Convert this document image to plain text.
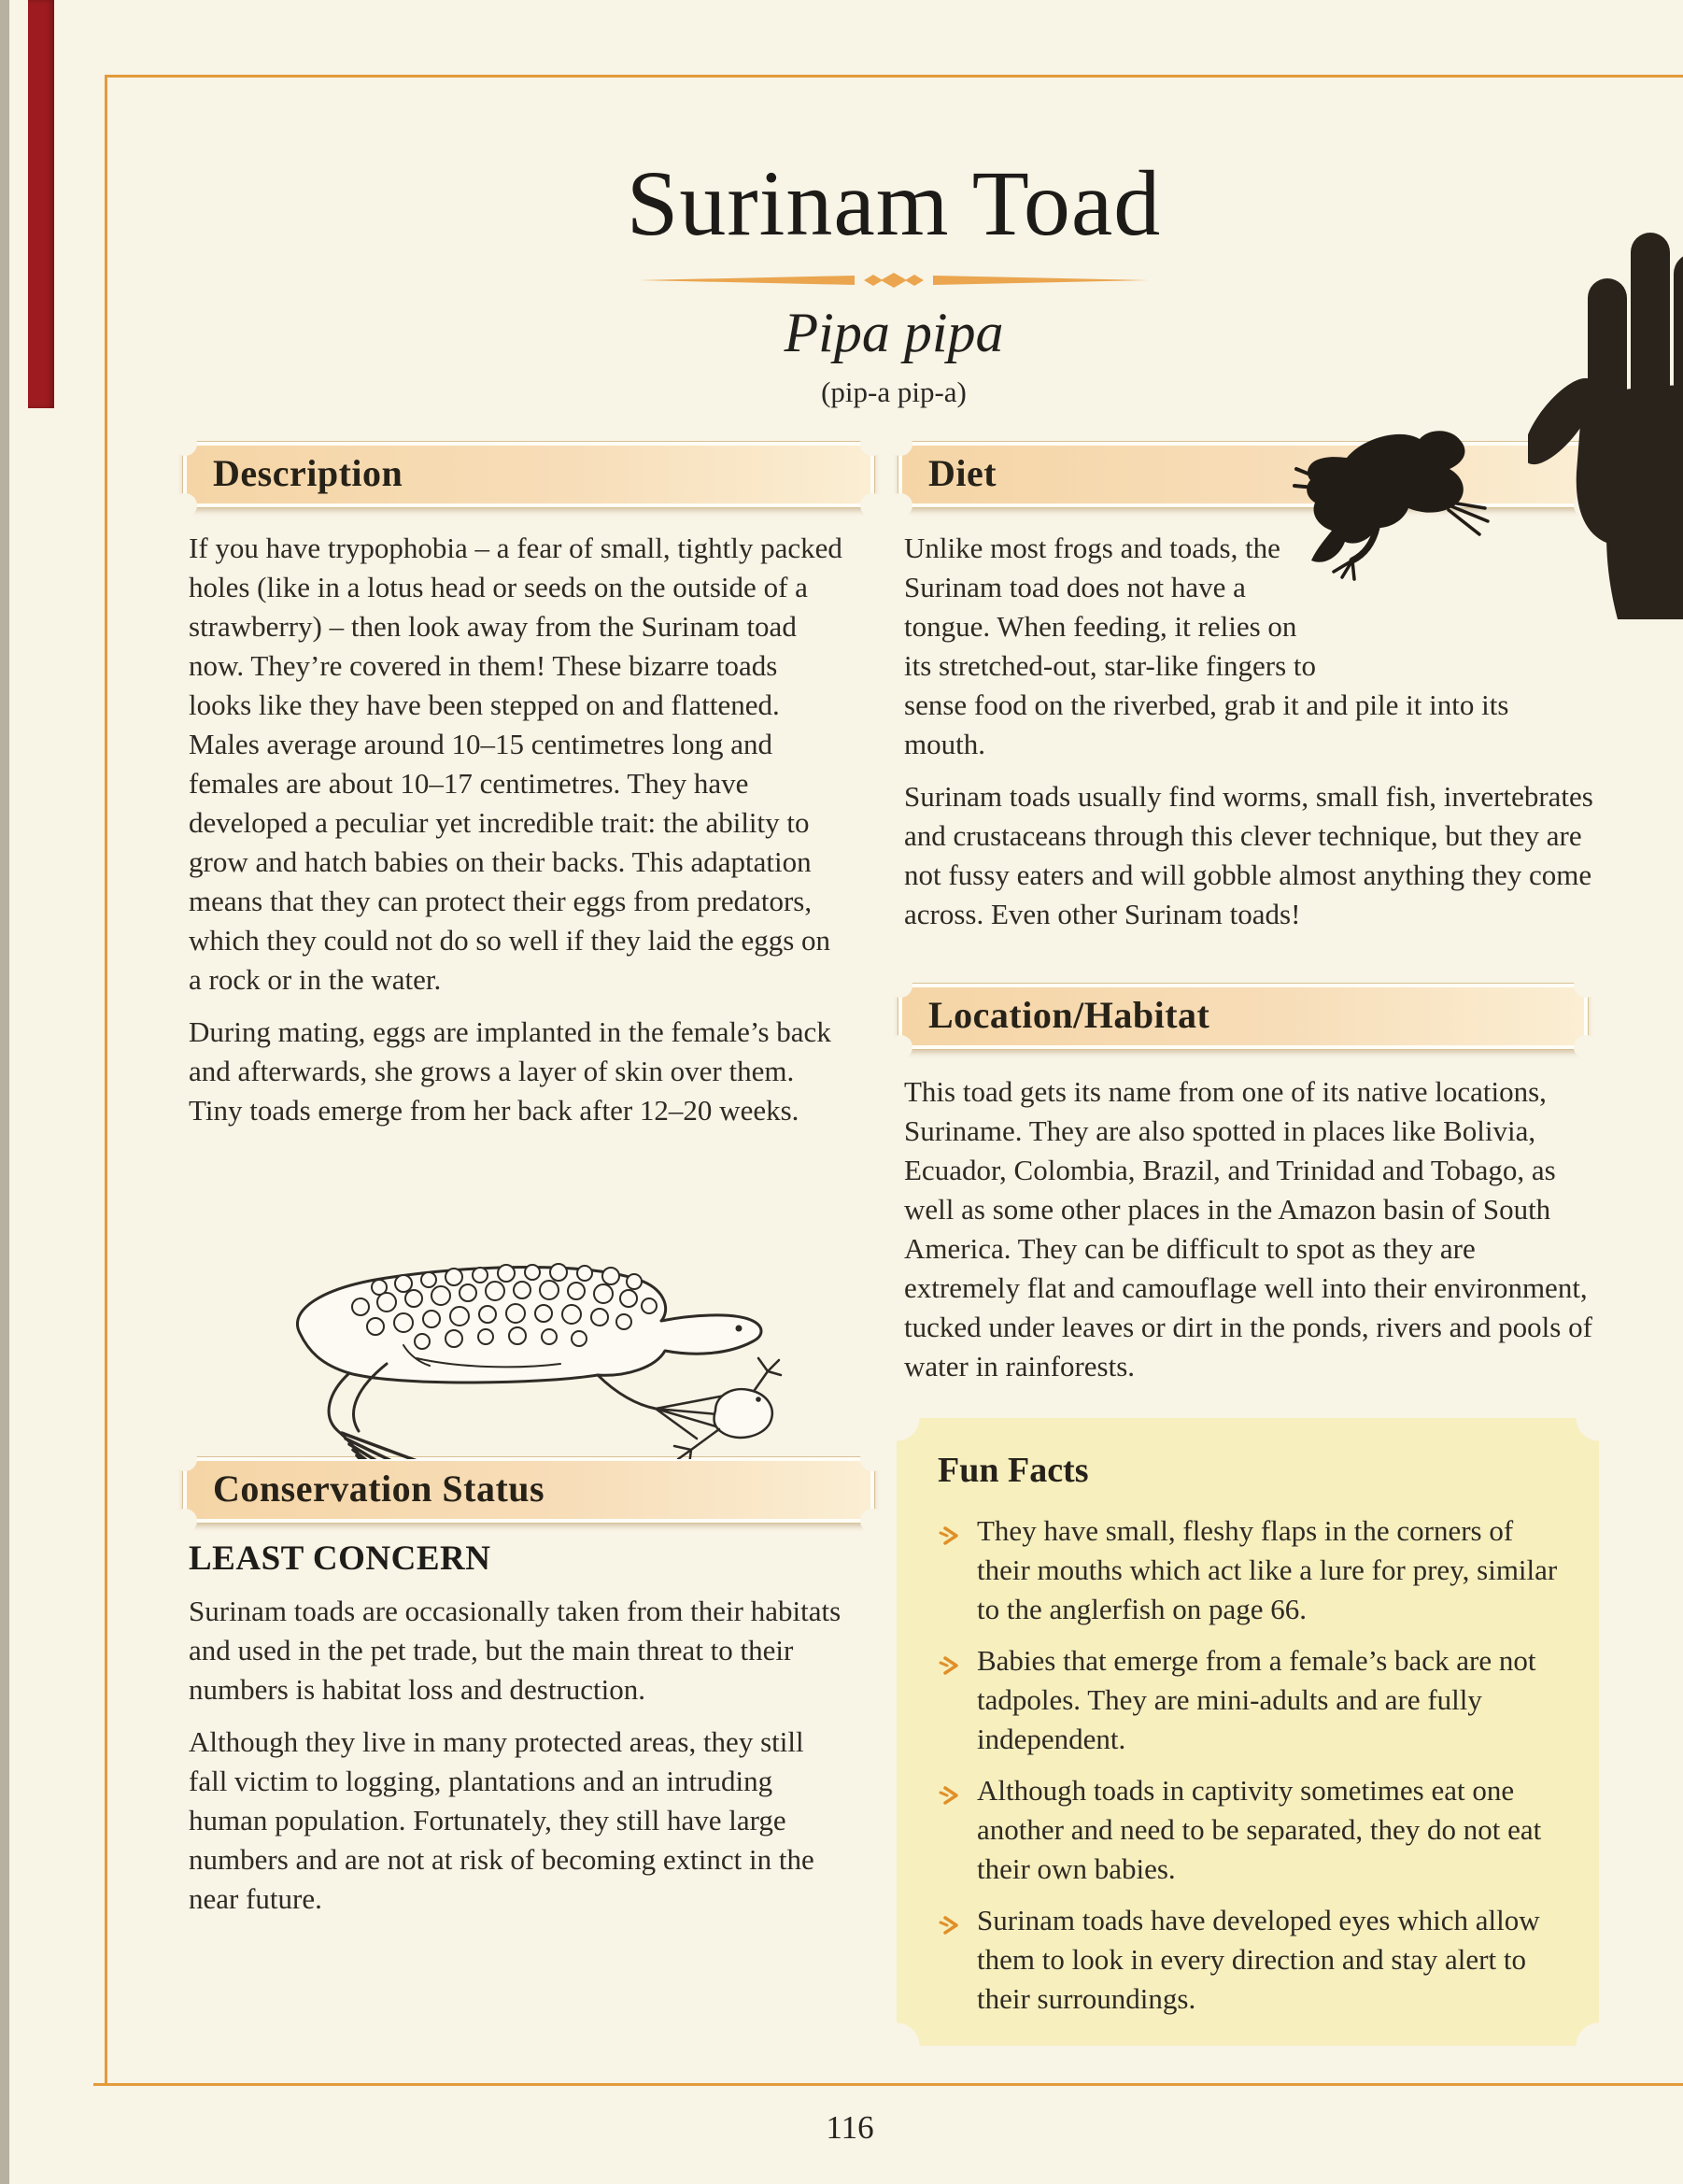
Surinam Toad
Pipa pipa
(pip-a pip-a)
Description	Diet
Location/Habitat
Conservation Status

If you have trypophobia – a fear of small, tightly packed holes (like in a lotus head or seeds on the outside of a strawberry) – then look away from the Surinam toad now. They’re covered in them! These bizarre toads looks like they have been stepped on and flattened. Males average around 10–15 centimetres long and females are about 10–17 centimetres. They have developed a peculiar yet incredible trait: the ability to grow and hatch babies on their backs. This adaptation means that they can protect their eggs from predators, which they could not do so well if they laid the eggs on a rock or in the water.

During mating, eggs are implanted in the female’s back and afterwards, she grows a layer of skin over them. Tiny toads emerge from her back after 12–20 weeks.

Unlike most frogs and toads, the Surinam toad does not have a tongue. When feeding, it relies on its stretched-out, star-like fingers to sense food on the riverbed, grab it and pile it into its mouth.

Surinam toads usually find worms, small fish, invertebrates and crustaceans through this clever technique, but they are not fussy eaters and will gobble almost anything they come across. Even other Surinam toads!

This toad gets its name from one of its native locations, Suriname. They are also spotted in places like Bolivia, Ecuador, Colombia, Brazil, and Trinidad and Tobago, as well as some other places in the Amazon basin of South America. They can be difficult to spot as they are extremely flat and camouflage well into their environment, tucked under leaves or dirt in the ponds, rivers and pools of water in rainforests.

LEAST CONCERN

Surinam toads are occasionally taken from their habitats and used in the pet trade, but the main threat to their numbers is habitat loss and destruction.

Although they live in many protected areas, they still fall victim to logging, plantations and an intruding human population. Fortunately, they still have large numbers and are not at risk of becoming extinct in the near future.

Fun Facts

They have small, fleshy flaps in the corners of their mouths which act like a lure for prey, similar to the anglerfish on page 66.
Babies that emerge from a female’s back are not tadpoles. They are mini-adults and are fully independent.
Although toads in captivity sometimes eat one another and need to be separated, they do not eat their own babies.
Surinam toads have developed eyes which allow them to look in every direction and stay alert to their surroundings.
116
